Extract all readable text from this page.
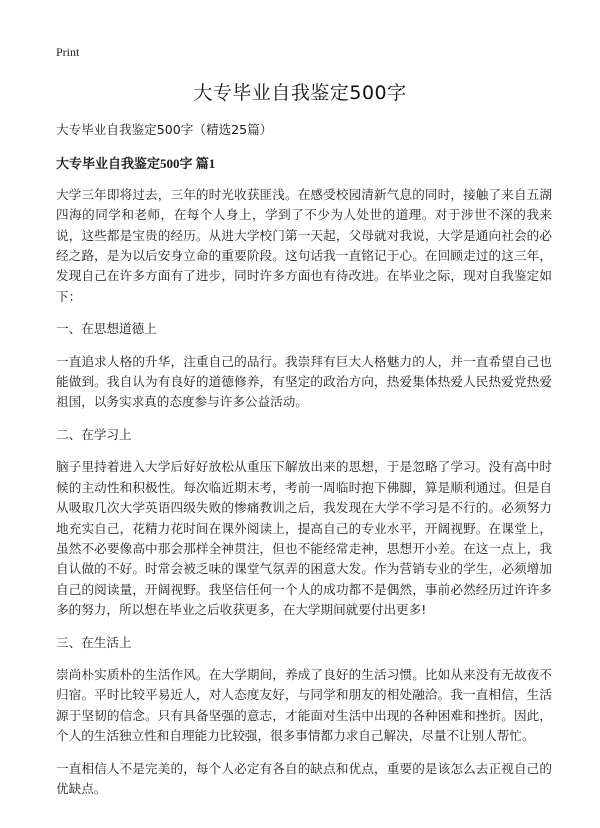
Print
大专毕业自我鉴定500字

大专毕业自我鉴定500字（精选25篇）

大专毕业自我鉴定500字 篇1

大学三年即将过去，三年的时光收获匪浅。在感受校园清新气息的同时，接触了来自五湖四海的同学和老师，在每个人身上，学到了不少为人处世的道理。对于涉世不深的我来说，这些都是宝贵的经历。从进大学校门第一天起，父母就对我说，大学是通向社会的必经之路，是为以后安身立命的重要阶段。这句话我一直铭记于心。在回顾走过的这三年，发现自己在许多方面有了进步，同时许多方面也有待改进。在毕业之际，现对自我鉴定如下：

一、在思想道德上

一直追求人格的升华，注重自己的品行。我崇拜有巨大人格魅力的人，并一直希望自己也能做到。我自认为有良好的道德修养，有坚定的政治方向，热爱集体热爱人民热爱党热爱祖国，以务实求真的态度参与许多公益活动。

二、在学习上

脑子里持着进入大学后好好放松从重压下解放出来的思想，于是忽略了学习。没有高中时候的主动性和积极性。每次临近期末考，考前一周临时抱下佛脚，算是顺利通过。但是自从吸取几次大学英语四级失败的惨痛教训之后，我发现在大学不学习是不行的。必须努力地充实自己，花精力花时间在课外阅读上，提高自己的专业水平，开阔视野。在课堂上，虽然不必要像高中那会那样全神贯注，但也不能经常走神，思想开小差。在这一点上，我自认做的不好。时常会被乏味的课堂气氛弄的困意大发。作为营销专业的学生，必须增加自己的阅读量，开阔视野。我坚信任何一个人的成功都不是偶然，事前必然经历过许许多多的努力，所以想在毕业之后收获更多，在大学期间就要付出更多!

三、在生活上

崇尚朴实质朴的生活作风。在大学期间，养成了良好的生活习惯。比如从来没有无故夜不归宿。平时比较平易近人，对人态度友好，与同学和朋友的相处融洽。我一直相信，生活源于坚韧的信念。只有具备坚强的意志，才能面对生活中出现的各种困难和挫折。因此，个人的生活独立性和自理能力比较强，很多事情都力求自己解决，尽量不让别人帮忙。

一直相信人不是完美的，每个人必定有各自的缺点和优点，重要的是该怎么去正视自己的优缺点。
